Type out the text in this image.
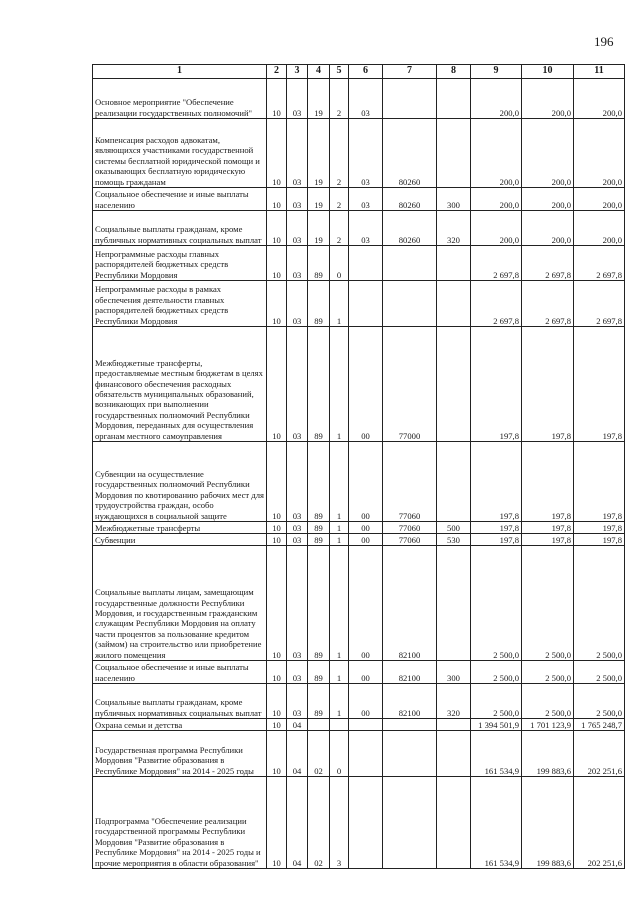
196
1	2	3	4	5	6	7	8	9	10	11
Основное мероприятие "Обеспечение реализации государственных полномочий"	10	03	19	2	03			200,0	200,0	200,0
Компенсация расходов адвокатам, являющихся участниками государственной системы бесплатной юридической помощи и оказывающих бесплатную юридическую помощь гражданам	10	03	19	2	03	80260		200,0	200,0	200,0
Социальное обеспечение и иные выплаты населению	10	03	19	2	03	80260	300	200,0	200,0	200,0
Социальные выплаты гражданам, кроме публичных нормативных социальных выплат	10	03	19	2	03	80260	320	200,0	200,0	200,0
Непрограммные расходы главных распорядителей бюджетных средств Республики Мордовия	10	03	89	0				2 697,8	2 697,8	2 697,8
Непрограммные расходы в рамках обеспечения деятельности главных распорядителей бюджетных средств Республики Мордовия	10	03	89	1				2 697,8	2 697,8	2 697,8
Межбюджетные трансферты, предоставляемые местным бюджетам в целях финансового обеспечения расходных обязательств муниципальных образований, возникающих при выполнении государственных полномочий Республики Мордовия, переданных для осуществления органам местного самоуправления	10	03	89	1	00	77000		197,8	197,8	197,8
Субвенции на осуществление государственных полномочий Республики Мордовия по квотированию рабочих мест для трудоустройства граждан, особо нуждающихся в социальной защите	10	03	89	1	00	77060		197,8	197,8	197,8
Межбюджетные трансферты	10	03	89	1	00	77060	500	197,8	197,8	197,8
Субвенции	10	03	89	1	00	77060	530	197,8	197,8	197,8
Социальные выплаты лицам, замещающим государственные должности Республики Мордовия, и государственным гражданским служащим Республики Мордовия на оплату части процентов за пользование кредитом (займом) на строительство или приобретение жилого помещения	10	03	89	1	00	82100		2 500,0	2 500,0	2 500,0
Социальное обеспечение и иные выплаты населению	10	03	89	1	00	82100	300	2 500,0	2 500,0	2 500,0
Социальные выплаты гражданам, кроме публичных нормативных социальных выплат	10	03	89	1	00	82100	320	2 500,0	2 500,0	2 500,0
Охрана семьи и детства	10	04						1 394 501,9	1 701 123,9	1 765 248,7
Государственная программа Республики Мордовия "Развитие образования в Республике Мордовия" на 2014 - 2025 годы	10	04	02	0				161 534,9	199 883,6	202 251,6
Подпрограмма "Обеспечение реализации государственной программы Республики Мордовия "Развитие образования в Республике Мордовия" на 2014 - 2025 годы и прочие мероприятия в области образования"	10	04	02	3				161 534,9	199 883,6	202 251,6
